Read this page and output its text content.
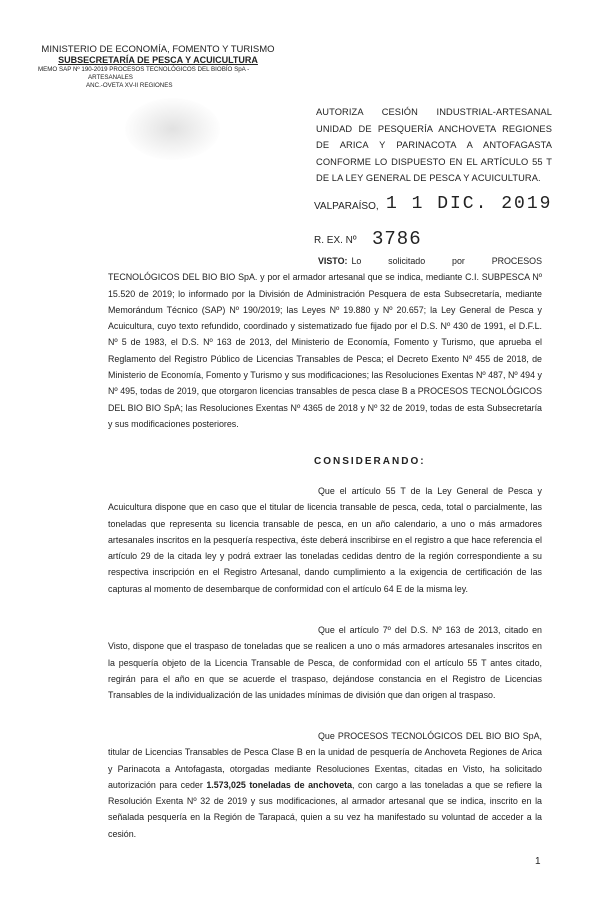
MINISTERIO DE ECONOMÍA, FOMENTO Y TURISMO
SUBSECRETARÍA DE PESCA Y ACUICULTURA
MEMO SAP Nº 190-2019 PROCESOS TECNOLÓGICOS DEL BIOBÍO SpA -
ARTESANALES
ANC.-OVETA XV-II REGIONES
AUTORIZA CESIÓN INDUSTRIAL-ARTESANAL UNIDAD DE PESQUERÍA ANCHOVETA REGIONES DE ARICA Y PARINACOTA A ANTOFAGASTA CONFORME LO DISPUESTO EN EL ARTÍCULO 55 T DE LA LEY GENERAL DE PESCA Y ACUICULTURA.
VALPARAÍSO, 1 1 DIC. 2019
R. EX. Nº 3786
VISTO: Lo solicitado por PROCESOS TECNOLÓGICOS DEL BIO BIO SpA. y por el armador artesanal que se indica, mediante C.I. SUBPESCA Nº 15.520 de 2019; lo informado por la División de Administración Pesquera de esta Subsecretaría, mediante Memorándum Técnico (SAP) Nº 190/2019; las Leyes Nº 19.880 y Nº 20.657; la Ley General de Pesca y Acuicultura, cuyo texto refundido, coordinado y sistematizado fue fijado por el D.S. Nº 430 de 1991, el D.F.L. Nº 5 de 1983, el D.S. Nº 163 de 2013, del Ministerio de Economía, Fomento y Turismo, que aprueba el Reglamento del Registro Público de Licencias Transables de Pesca; el Decreto Exento Nº 455 de 2018, de Ministerio de Economía, Fomento y Turismo y sus modificaciones; las Resoluciones Exentas Nº 487, Nº 494 y Nº 495, todas de 2019, que otorgaron licencias transables de pesca clase B a PROCESOS TECNOLÓGICOS DEL BIO BIO SpA; las Resoluciones Exentas Nº 4365 de 2018 y Nº 32 de 2019, todas de esta Subsecretaría y sus modificaciones posteriores.
CONSIDERANDO:
Que el artículo 55 T de la Ley General de Pesca y Acuicultura dispone que en caso que el titular de licencia transable de pesca, ceda, total o parcialmente, las toneladas que representa su licencia transable de pesca, en un año calendario, a uno o más armadores artesanales inscritos en la pesquería respectiva, éste deberá inscribirse en el registro a que hace referencia el artículo 29 de la citada ley y podrá extraer las toneladas cedidas dentro de la región correspondiente a su respectiva inscripción en el Registro Artesanal, dando cumplimiento a la exigencia de certificación de las capturas al momento de desembarque de conformidad con el artículo 64 E de la misma ley.
Que el artículo 7º del D.S. Nº 163 de 2013, citado en Visto, dispone que el traspaso de toneladas que se realicen a uno o más armadores artesanales inscritos en la pesquería objeto de la Licencia Transable de Pesca, de conformidad con el artículo 55 T antes citado, regirán para el año en que se acuerde el traspaso, dejándose constancia en el Registro de Licencias Transables de la individualización de las unidades mínimas de división que dan origen al traspaso.
Que PROCESOS TECNOLÓGICOS DEL BIO BIO SpA, titular de Licencias Transables de Pesca Clase B en la unidad de pesquería de Anchoveta Regiones de Arica y Parinacota a Antofagasta, otorgadas mediante Resoluciones Exentas, citadas en Visto, ha solicitado autorización para ceder 1.573,025 toneladas de anchoveta, con cargo a las toneladas a que se refiere la Resolución Exenta Nº 32 de 2019 y sus modificaciones, al armador artesanal que se indica, inscrito en la señalada pesquería en la Región de Tarapacá, quien a su vez ha manifestado su voluntad de acceder a la cesión.
1
